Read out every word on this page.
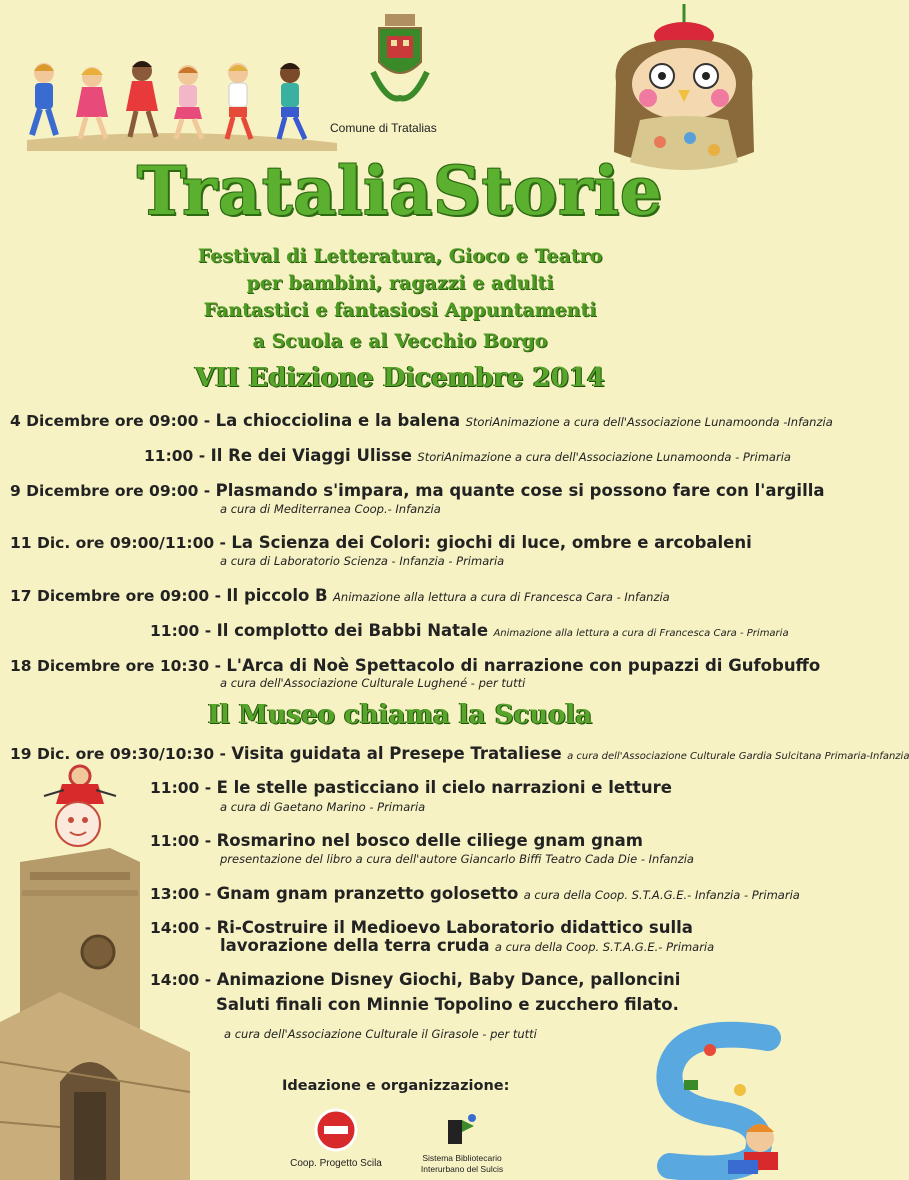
Comune di Tratalias
TrataliaStorie
Festival di Letteratura, Gioco e Teatro
per bambini, ragazzi e adulti
Fantastici e fantasiosi Appuntamenti
a Scuola e al Vecchio Borgo
VII Edizione Dicembre 2014
4 Dicembre ore 09:00 - La chiocciolina e la balena StoriAnimazione a cura dell'Associazione Lunamoonda -Infanzia
11:00 - Il Re dei Viaggi Ulisse StoriAnimazione a cura dell'Associazione Lunamoonda - Primaria
9 Dicembre ore 09:00 - Plasmando s'impara, ma quante cose si possono fare con l'argilla
a cura di Mediterranea Coop.- Infanzia
11 Dic. ore 09:00/11:00 - La Scienza dei Colori: giochi di luce, ombre e arcobaleni
a cura di Laboratorio Scienza - Infanzia - Primaria
17 Dicembre ore 09:00 - Il piccolo B Animazione alla lettura a cura di Francesca Cara - Infanzia
11:00 - Il complotto dei Babbi Natale Animazione alla lettura a cura di Francesca Cara - Primaria
18 Dicembre ore 10:30 - L'Arca di Noè Spettacolo di narrazione con pupazzi di Gufobuffo
a cura dell'Associazione Culturale Lughené - per tutti
Il Museo chiama la Scuola
19 Dic. ore 09:30/10:30 - Visita guidata al Presepe Trataliese a cura dell'Associazione Culturale Gardia Sulcitana Primaria-Infanzia
11:00 - E le stelle pasticciano il cielo narrazioni e letture
a cura di Gaetano Marino - Primaria
11:00 - Rosmarino nel bosco delle ciliege gnam gnam
presentazione del libro a cura dell'autore Giancarlo Biffi Teatro Cada Die - Infanzia
13:00 - Gnam gnam pranzetto golosetto a cura della Coop. S.T.A.G.E.- Infanzia - Primaria
14:00 - Ri-Costruire il Medioevo Laboratorio didattico sulla
lavorazione della terra cruda a cura della Coop. S.T.A.G.E.- Primaria
14:00 - Animazione Disney Giochi, Baby Dance, palloncini
Saluti finali con Minnie Topolino e zucchero filato.
a cura dell'Associazione Culturale il Girasole - per tutti
Ideazione e organizzazione:
Coop. Progetto Scila	Sistema Bibliotecario
Interurbano del Sulcis
